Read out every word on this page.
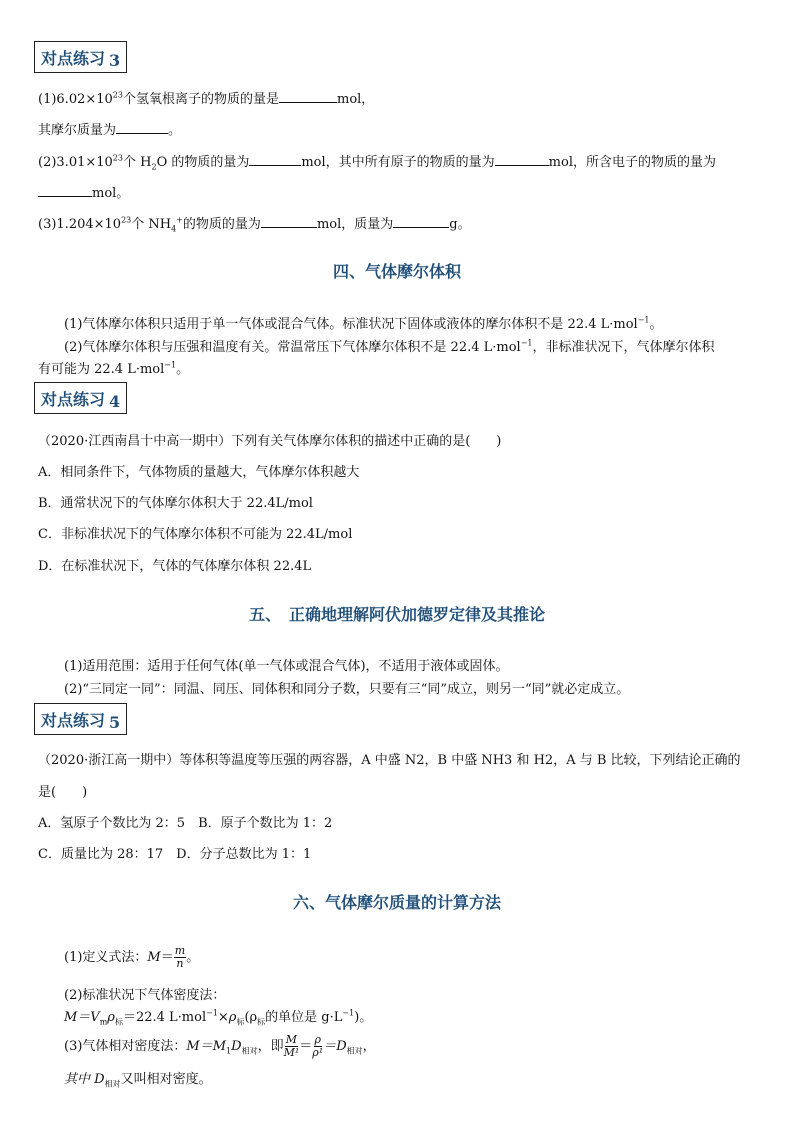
对点练习 3
$(1)6.02\times 10^{23}$个氢氧根离子的物质的量是	mol，
其摩尔质量为	。
$(2)3.01\times 10^{23}$个 $H_2O$ 的物质的量为	mol，其中所有原子的物质的量为	mol，所含电子的物质的量为
mol。
$(3)1.204\times 10^{23}$个 $NH_4^+$的物质的量为	mol，质量为	g。
四、气体摩尔体积
(1)气体摩尔体积只适用于单一气体或混合气体。标准状况下固体或液体的摩尔体积不是 22.4 L·mol$^{-1}$。
(2)气体摩尔体积与压强和温度有关。常温常压下气体摩尔体积不是 22.4 L·mol$^{-1}$，非标准状况下，气体摩尔体积
有可能为 22.4 L·mol$^{-1}$。
对点练习 4
（2020·江西南昌十中高一期中）下列有关气体摩尔体积的描述中正确的是(　　)
A．相同条件下，气体物质的量越大，气体摩尔体积越大
B．通常状况下的气体摩尔体积大于 22.4L/mol
C．非标准状况下的气体摩尔体积不可能为 22.4L/mol
D．在标准状况下，气体的气体摩尔体积 22.4L
五、　正确地理解阿伏加德罗定律及其推论
(1)适用范围：适用于任何气体(单一气体或混合气体)，不适用于液体或固体。
(2)“三同定一同”：同温、同压、同体积和同分子数，只要有三“同”成立，则另一“同”就必定成立。
对点练习 5
（2020·浙江高一期中）等体积等温度等压强的两容器，A 中盛 N2，B 中盛 NH3 和 H2，A 与 B 比较，下列结论正确的
是(　　)
A．氢原子个数比为 2：5　B．原子个数比为 1：2
C．质量比为 28：17　D．分子总数比为 1：1
六、气体摩尔质量的计算方法
(1)定义式法：$M= \frac{m}{n}$ 。
(2)标准状况下气体密度法：
$M=V_m\rho_标=22.4$ $L\cdot mol^{-1}\times\rho_标(\rho_标$的单位是 $g\cdot L^{-1}$)。
(3)气体相对密度法：$M=M_1D_{相对}$，即 $\frac{M}{\text{M¹}} = \frac{\rho}{\text{ρ¹}} =D_{相对}$，
其中 $D_{相对}$又叫相对密度。
